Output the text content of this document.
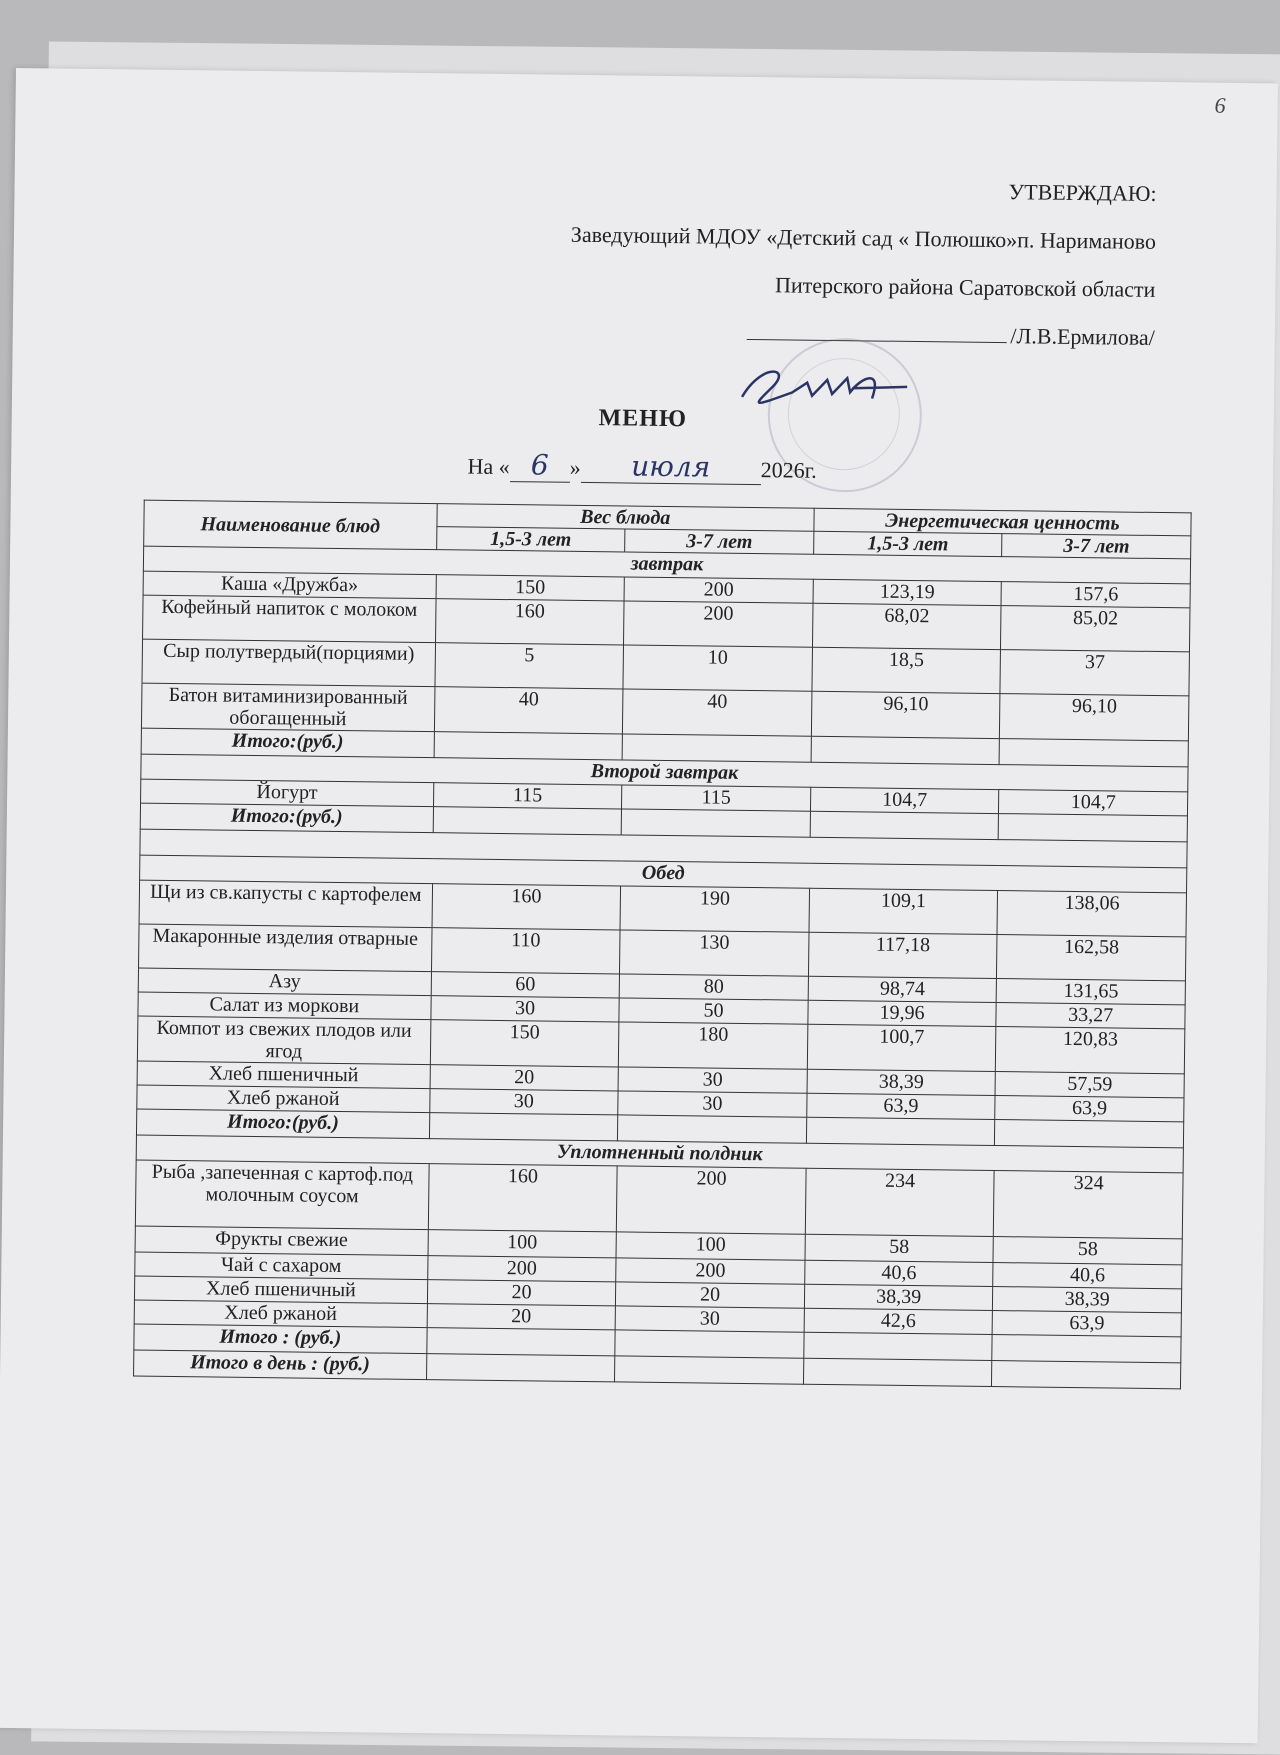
6
УТВЕРЖДАЮ:
Заведующий МДОУ «Детский сад « Полюшко»п. Нариманово
Питерского района Саратовской области
/Л.В.Ермилова/
МЕНЮ
На « 6 » июля 2026г.
Наименование блюд	Вес блюда		Энергетическая ценность	
	1,5-3 лет	3-7 лет	1,5-3 лет	3-7 лет
завтрак				
Каша «Дружба»	150	200	123,19	157,6
Кофейный напиток с молоком	160	200	68,02	85,02
Сыр полутвердый(порциями)	5	10	18,5	37
Батон витаминизированный обогащенный	40	40	96,10	96,10
Итого:(руб.)				
Второй завтрак				
Йогурт	115	115	104,7	104,7
Итого:(руб.)				

Обед				
Щи из св.капусты с картофелем	160	190	109,1	138,06
Макаронные изделия отварные	110	130	117,18	162,58
Азу	60	80	98,74	131,65
Салат из моркови	30	50	19,96	33,27
Компот из свежих плодов или ягод	150	180	100,7	120,83
Хлеб пшеничный	20	30	38,39	57,59
Хлеб ржаной	30	30	63,9	63,9
Итого:(руб.)				
Уплотненный полдник				
Рыба ,запеченная с картоф.под молочным соусом	160	200	234	324
Фрукты свежие	100	100	58	58
Чай с сахаром	200	200	40,6	40,6
Хлеб пшеничный	20	20	38,39	38,39
Хлеб ржаной	20	30	42,6	63,9
Итого : (руб.)				
Итого в день : (руб.)				
